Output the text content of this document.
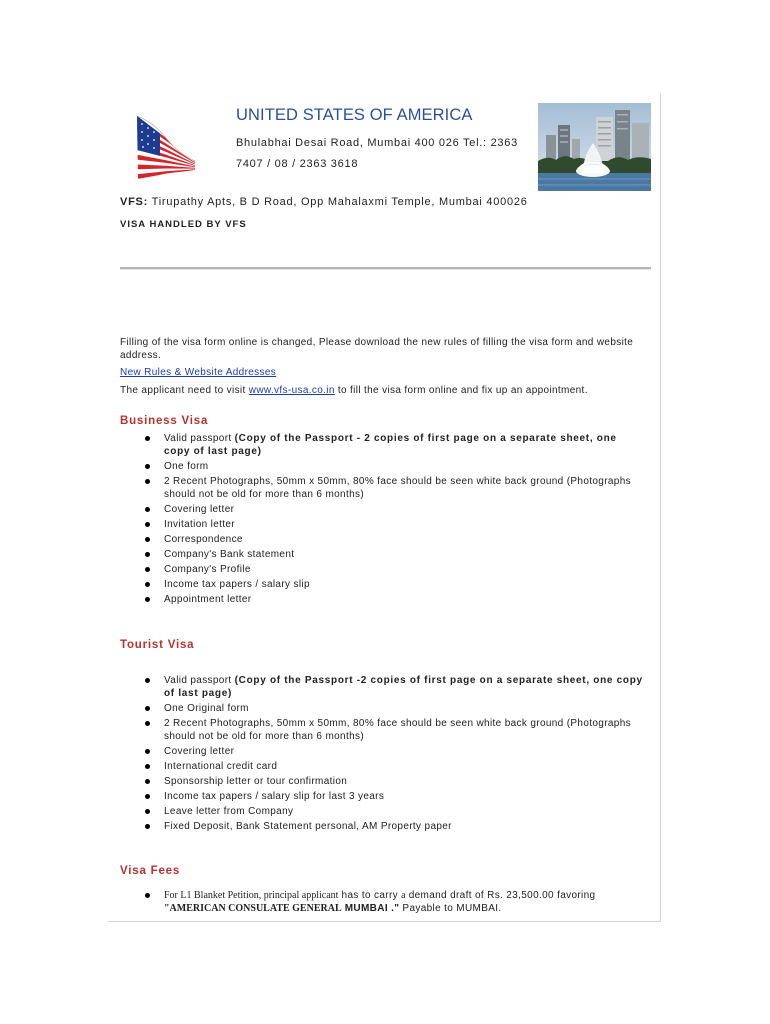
UNITED STATES OF AMERICA
Bhulabhai Desai Road, Mumbai 400 026 Tel.: 2363
7407 / 08 / 2363 3618
VFS: Tirupathy Apts, B D Road, Opp Mahalaxmi Temple, Mumbai 400026
VISA HANDLED BY VFS
Filling of the visa form online is changed, Please download the new rules of filling the visa form and website address.
New Rules & Website Addresses
The applicant need to visit www.vfs-usa.co.in to fill the visa form online and fix up an appointment.
Business Visa
Valid passport (Copy of the Passport - 2 copies of first page on a separate sheet, one copy of last page)
One form
2 Recent Photographs, 50mm x 50mm, 80% face should be seen white back ground (Photographs should not be old for more than 6 months)
Covering letter
Invitation letter
Correspondence
Company's Bank statement
Company's Profile
Income tax papers / salary slip
Appointment letter
Tourist Visa
Valid passport (Copy of the Passport -2 copies of first page on a separate sheet, one copy of last page)
One Original form
2 Recent Photographs, 50mm x 50mm, 80% face should be seen white back ground (Photographs should not be old for more than 6 months)
Covering letter
International credit card
Sponsorship letter or tour confirmation
Income tax papers / salary slip for last 3 years
Leave letter from Company
Fixed Deposit, Bank Statement personal, AM Property paper
Visa Fees
For L1 Blanket Petition, principal applicant has to carry a demand draft of Rs. 23,500.00 favoring
"AMERICAN CONSULATE GENERAL MUMBAI ." Payable to MUMBAI.
